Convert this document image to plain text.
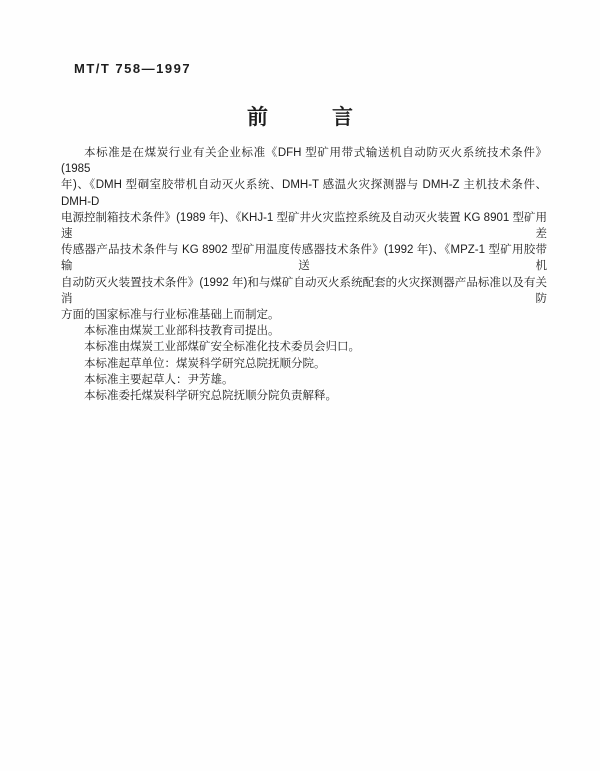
MT/T 758—1997
前	言
本标准是在煤炭行业有关企业标准《DFH 型矿用带式输送机自动防灭火系统技术条件》(1985
年)、《DMH 型硐室胶带机自动灭火系统、DMH-T 感温火灾探测器与 DMH-Z 主机技术条件、DMH-D
电源控制箱技术条件》(1989 年)、《KHJ-1 型矿井火灾监控系统及自动灭火装置 KG 8901 型矿用速差
传感器产品技术条件与 KG 8902 型矿用温度传感器技术条件》(1992 年)、《MPZ-1 型矿用胶带输送机
自动防灭火装置技术条件》(1992 年)和与煤矿自动灭火系统配套的火灾探测器产品标准以及有关消防
方面的国家标准与行业标准基础上而制定。
本标准由煤炭工业部科技教育司提出。
本标准由煤炭工业部煤矿安全标准化技术委员会归口。
本标准起草单位：煤炭科学研究总院抚顺分院。
本标准主要起草人：尹芳雄。
本标准委托煤炭科学研究总院抚顺分院负责解释。
